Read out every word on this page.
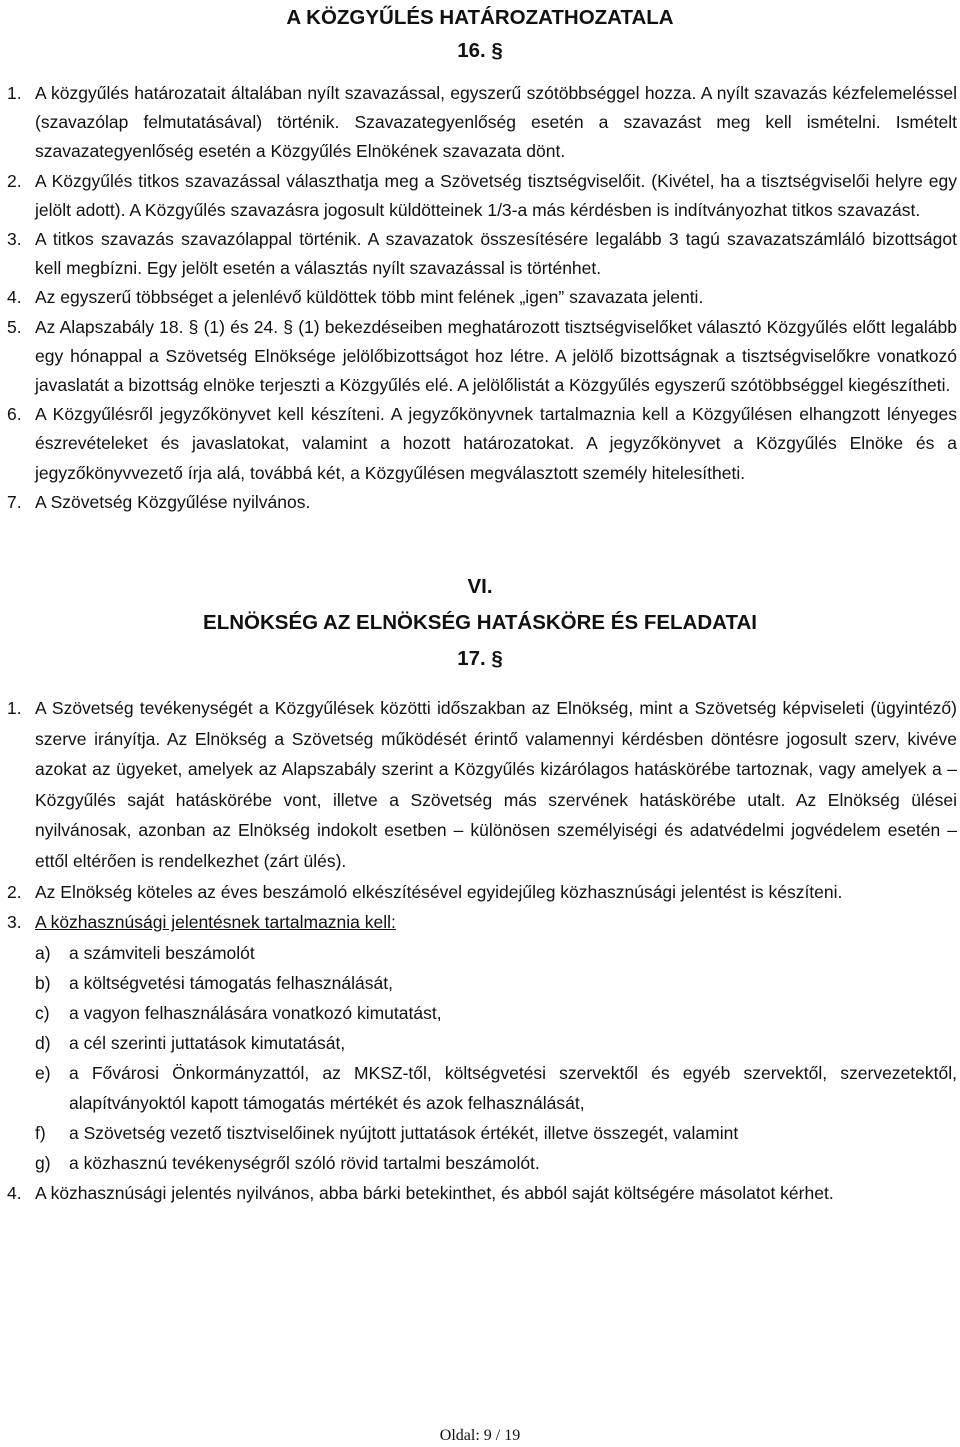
A KÖZGYŰLÉS HATÁROZATHOZATALA
16. §
1. A közgyűlés határozatait általában nyílt szavazással, egyszerű szótöbbséggel hozza. A nyílt szavazás kézfelemeléssel (szavazólap felmutatásával) történik. Szavazategyenlőség esetén a szavazást meg kell ismételni. Ismételt szavazategyenlőség esetén a Közgyűlés Elnökének szavazata dönt.
2. A Közgyűlés titkos szavazással választhatja meg a Szövetség tisztségviselőit. (Kivétel, ha a tisztségviselői helyre egy jelölt adott). A Közgyűlés szavazásra jogosult küldötteinek 1/3-a más kérdésben is indítványozhat titkos szavazást.
3. A titkos szavazás szavazólappal történik. A szavazatok összesítésére legalább 3 tagú szavazatszámláló bizottságot kell megbízni. Egy jelölt esetén a választás nyílt szavazással is történhet.
4. Az egyszerű többséget a jelenlévő küldöttek több mint felének „igen” szavazata jelenti.
5. Az Alapszabály 18. § (1) és 24. § (1) bekezdéseiben meghatározott tisztségviselőket választó Közgyűlés előtt legalább egy hónappal a Szövetség Elnöksége jelölőbizottságot hoz létre. A jelölő bizottságnak a tisztségviselőkre vonatkozó javaslatát a bizottság elnöke terjeszti a Közgyűlés elé. A jelölőlistát a Közgyűlés egyszerű szótöbbséggel kiegészítheti.
6. A Közgyűlésről jegyzőkönyvet kell készíteni. A jegyzőkönyvnek tartalmaznia kell a Közgyűlésen elhangzott lényeges észrevételeket és javaslatokat, valamint a hozott határozatokat. A jegyzőkönyvet a Közgyűlés Elnöke és a jegyzőkönyvvezető írja alá, továbbá két, a Közgyűlésen megválasztott személy hitelesítheti.
7. A Szövetség Közgyűlése nyilvános.
VI.
ELNÖKSÉG AZ ELNÖKSÉG HATÁSKÖRE ÉS FELADATAI
17. §
1. A Szövetség tevékenységét a Közgyűlések közötti időszakban az Elnökség, mint a Szövetség képviseleti (ügyintéző) szerve irányítja. Az Elnökség a Szövetség működését érintő valamennyi kérdésben döntésre jogosult szerv, kivéve azokat az ügyeket, amelyek az Alapszabály szerint a Közgyűlés kizárólagos hatáskörébe tartoznak, vagy amelyek a –Közgyűlés saját hatáskörébe vont, illetve a Szövetség más szervének hatáskörébe utalt. Az Elnökség ülései nyilvánosak, azonban az Elnökség indokolt esetben – különösen személyiségi és adatvédelmi jogvédelem esetén – ettől eltérően is rendelkezhet (zárt ülés).
2. Az Elnökség köteles az éves beszámoló elkészítésével egyidejűleg közhasznúsági jelentést is készíteni.
3. A közhasznúsági jelentésnek tartalmaznia kell:
a) a számviteli beszámolót
b) a költségvetési támogatás felhasználását,
c) a vagyon felhasználására vonatkozó kimutatást,
d) a cél szerinti juttatások kimutatását,
e) a Fővárosi Önkormányzattól, az MKSZ-től, költségvetési szervektől és egyéb szervektől, szervezetektől, alapítványoktól kapott támogatás mértékét és azok felhasználását,
f) a Szövetség vezető tisztviselőinek nyújtott juttatások értékét, illetve összegét, valamint
g) a közhasznú tevékenységről szóló rövid tartalmi beszámolót.
4. A közhasznúsági jelentés nyilvános, abba bárki betekinthet, és abból saját költségére másolatot kérhet.
Oldal: 9 / 19
